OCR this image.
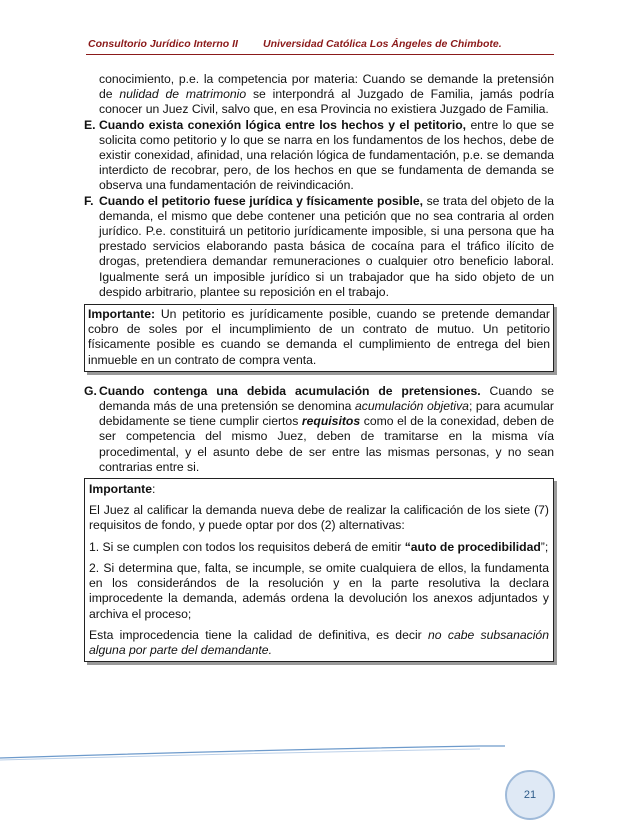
Consultorio Jurídico Interno II Universidad Católica Los Ángeles de Chimbote.

conocimiento, p.e. la competencia por materia: Cuando se demande la pretensión de nulidad de matrimonio se interpondrá al Juzgado de Familia, jamás podría conocer un Juez Civil, salvo que, en esa Provincia no existiera Juzgado de Familia.

E. Cuando exista conexión lógica entre los hechos y el petitorio, entre lo que se solicita como petitorio y lo que se narra en los fundamentos de los hechos, debe de existir conexidad, afinidad, una relación lógica de fundamentación, p.e. se demanda interdicto de recobrar, pero, de los hechos en que se fundamenta de demanda se observa una fundamentación de reivindicación.
F. Cuando el petitorio fuese jurídica y físicamente posible, se trata del objeto de la demanda, el mismo que debe contener una petición que no sea contraria al orden jurídico. P.e. constituirá un petitorio jurídicamente imposible, si una persona que ha prestado servicios elaborando pasta básica de cocaína para el tráfico ilícito de drogas, pretendiera demandar remuneraciones o cualquier otro beneficio laboral. Igualmente será un imposible jurídico si un trabajador que ha sido objeto de un despido arbitrario, plantee su reposición en el trabajo.
Importante: Un petitorio es jurídicamente posible, cuando se pretende demandar cobro de soles por el incumplimiento de un contrato de mutuo. Un petitorio físicamente posible es cuando se demanda el cumplimiento de entrega del bien inmueble en un contrato de compra venta.
G. Cuando contenga una debida acumulación de pretensiones. Cuando se demanda más de una pretensión se denomina acumulación objetiva; para acumular debidamente se tiene cumplir ciertos requisitos como el de la conexidad, deben de ser competencia del mismo Juez, deben de tramitarse en la misma vía procedimental, y el asunto debe de ser entre las mismas personas, y no sean contrarias entre si.

Importante:

El Juez al calificar la demanda nueva debe de realizar la calificación de los siete (7) requisitos de fondo, y puede optar por dos (2) alternativas:

1. Si se cumplen con todos los requisitos deberá de emitir “auto de procedibilidad”;

2. Si determina que, falta, se incumple, se omite cualquiera de ellos, la fundamenta en los considerándos de la resolución y en la parte resolutiva la declara improcedente la demanda, además ordena la devolución los anexos adjuntados y archiva el proceso;

Esta improcedencia tiene la calidad de definitiva, es decir no cabe subsanación alguna por parte del demandante.

21
